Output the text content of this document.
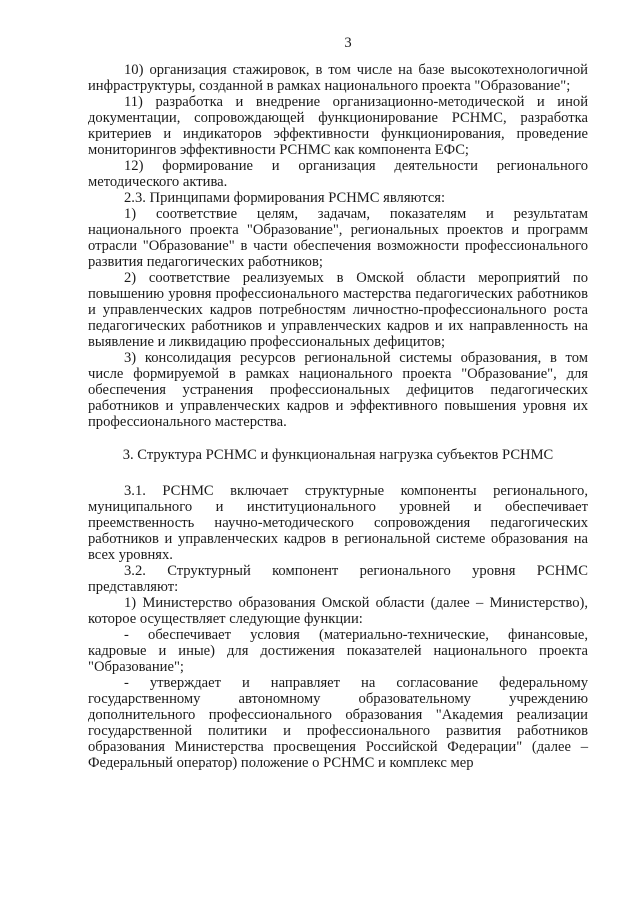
3

10) организация стажировок, в том числе на базе высокотехнологичной инфраструктуры, созданной в рамках национального проекта "Образование";

11) разработка и внедрение организационно-методической и иной документации, сопровождающей функционирование РСНМС, разработка критериев и индикаторов эффективности функционирования, проведение мониторингов эффективности РСНМС как компонента ЕФС;

12) формирование и организация деятельности регионального методического актива.

2.3. Принципами формирования РСНМС являются:

1) соответствие целям, задачам, показателям и результатам национального проекта "Образование", региональных проектов и программ отрасли "Образование" в части обеспечения возможности профессионального развития педагогических работников;

2) соответствие реализуемых в Омской области мероприятий по повышению уровня профессионального мастерства педагогических работников и управленческих кадров потребностям личностно-профессионального роста педагогических работников и управленческих кадров и их направленность на выявление и ликвидацию профессиональных дефицитов;

3) консолидация ресурсов региональной системы образования, в том числе формируемой в рамках национального проекта "Образование", для обеспечения устранения профессиональных дефицитов педагогических работников и управленческих кадров и эффективного повышения уровня их профессионального мастерства.

3. Структура РСНМС и функциональная нагрузка субъектов РСНМС

3.1. РСНМС включает структурные компоненты регионального, муниципального и институционального уровней и обеспечивает преемственность научно-методического сопровождения педагогических работников и управленческих кадров в региональной системе образования на всех уровнях.

3.2. Структурный компонент регионального уровня РСНМС представляют:

1) Министерство образования Омской области (далее – Министерство), которое осуществляет следующие функции:

- обеспечивает условия (материально-технические, финансовые, кадровые и иные) для достижения показателей национального проекта "Образование";

- утверждает и направляет на согласование федеральному государственному автономному образовательному учреждению дополнительного профессионального образования "Академия реализации государственной политики и профессионального развития работников образования Министерства просвещения Российской Федерации" (далее – Федеральный оператор) положение о РСНМС и комплекс мер
